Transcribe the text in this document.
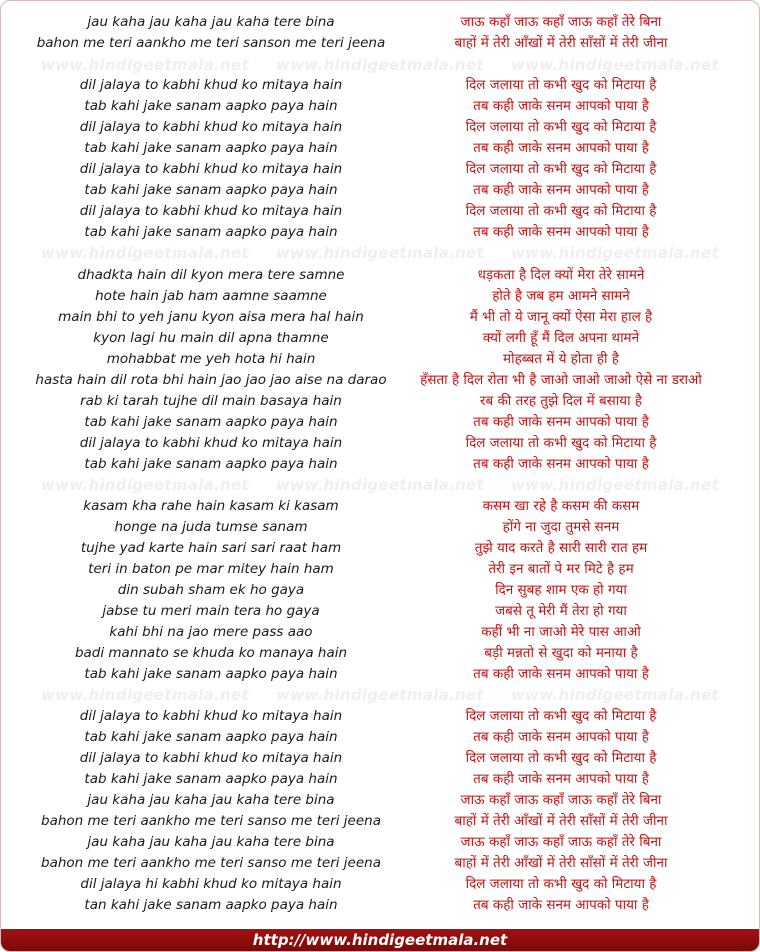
www.hindigeetmala.net www.hindigeetmala.net www.hindigeetmala.net
www.hindigeetmala.net www.hindigeetmala.net www.hindigeetmala.net
www.hindigeetmala.net www.hindigeetmala.net www.hindigeetmala.net
www.hindigeetmala.net www.hindigeetmala.net www.hindigeetmala.net
jau kaha jau kaha jau kaha tere bina	जाऊ कहाँ जाऊ कहाँ जाऊ कहाँ तेरे बिना
bahon me teri aankho me teri sanson me teri jeena	बाहों में तेरी आँखों में तेरी साँसों में तेरी जीना
dil jalaya to kabhi khud ko mitaya hain	दिल जलाया तो कभी खुद को मिटाया है
tab kahi jake sanam aapko paya hain	तब कही जाके सनम आपको पाया है
dil jalaya to kabhi khud ko mitaya hain	दिल जलाया तो कभी खुद को मिटाया है
tab kahi jake sanam aapko paya hain	तब कही जाके सनम आपको पाया है
dil jalaya to kabhi khud ko mitaya hain	दिल जलाया तो कभी खुद को मिटाया है
tab kahi jake sanam aapko paya hain	तब कही जाके सनम आपको पाया है
dil jalaya to kabhi khud ko mitaya hain	दिल जलाया तो कभी खुद को मिटाया है
tab kahi jake sanam aapko paya hain	तब कही जाके सनम आपको पाया है
dhadkta hain dil kyon mera tere samne	धड़कता है दिल क्यों मेरा तेरे सामने
hote hain jab ham aamne saamne	होते है जब हम आमने सामने
main bhi to yeh janu kyon aisa mera hal hain	मैं भी तो ये जानू क्यों ऐसा मेरा हाल है
kyon lagi hu main dil apna thamne	क्यों लगी हूँ मैं दिल अपना थामने
mohabbat me yeh hota hi hain	मोहब्बत में ये होता ही है
hasta hain dil rota bhi hain jao jao jao aise na darao	हँसता है दिल रोता भी है जाओ जाओ जाओ ऐसे ना डराओ
rab ki tarah tujhe dil main basaya hain	रब की तरह तुझे दिल में बसाया है
tab kahi jake sanam aapko paya hain	तब कही जाके सनम आपको पाया है
dil jalaya to kabhi khud ko mitaya hain	दिल जलाया तो कभी खुद को मिटाया है
tab kahi jake sanam aapko paya hain	तब कही जाके सनम आपको पाया है
kasam kha rahe hain kasam ki kasam	कसम खा रहे है कसम की कसम
honge na juda tumse sanam	होंगे ना जुदा तुमसे सनम
tujhe yad karte hain sari sari raat ham	तुझे याद करते है सारी सारी रात हम
teri in baton pe mar mitey hain ham	तेरी इन बातों पे मर मिटे है हम
din subah sham ek ho gaya	दिन सुबह शाम एक हो गया
jabse tu meri main tera ho gaya	जबसे तू मेरी मैं तेरा हो गया
kahi bhi na jao mere pass aao	कहीं भी ना जाओ मेरे पास आओ
badi mannato se khuda ko manaya hain	बड़ी मन्नतो से खुदा को मनाया है
tab kahi jake sanam aapko paya hain	तब कही जाके सनम आपको पाया है
dil jalaya to kabhi khud ko mitaya hain	दिल जलाया तो कभी खुद को मिटाया है
tab kahi jake sanam aapko paya hain	तब कही जाके सनम आपको पाया है
dil jalaya to kabhi khud ko mitaya hain	दिल जलाया तो कभी खुद को मिटाया है
tab kahi jake sanam aapko paya hain	तब कही जाके सनम आपको पाया है
jau kaha jau kaha jau kaha tere bina	जाऊ कहाँ जाऊ कहाँ जाऊ कहाँ तेरे बिना
bahon me teri aankho me teri sanso me teri jeena	बाहों में तेरी आँखों में तेरी साँसों में तेरी जीना
jau kaha jau kaha jau kaha tere bina	जाऊ कहाँ जाऊ कहाँ जाऊ कहाँ तेरे बिना
bahon me teri aankho me teri sanso me teri jeena	बाहों में तेरी आँखों में तेरी साँसों में तेरी जीना
dil jalaya hi kabhi khud ko mitaya hain	दिल जलाया तो कभी खुद को मिटाया है
tan kahi jake sanam aapko paya hain	तब कही जाके सनम आपको पाया है
http://www.hindigeetmala.net
